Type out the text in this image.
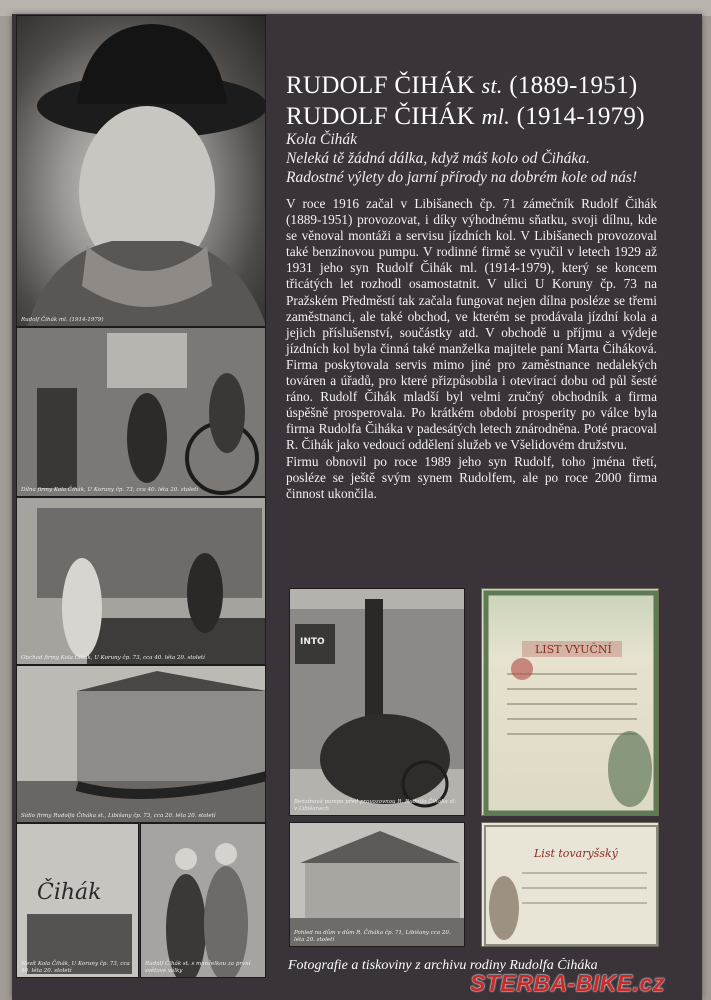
Rudolf Čihák ml. (1914-1979)
Dílna firmy Kola Čihák, U Koruny čp. 73, cca 40. léta 20. století
Obchod firmy Kola Čihák, U Koruny čp. 73, cca 40. léta 20. století
Sídlo firmy Rudolfa Čiháka st., Libišany čp. 73, cca 20. léta 20. století
Čihák
Nevít Kola Čihák, U Koruny čp. 73, cca 40. léta 20. století
Rudolf Čihák st. s manželkou za první světové války
RUDOLF ČIHÁK st. (1889-1951)
RUDOLF ČIHÁK ml. (1914-1979)
Kola Čihák
Neleká tě žádná dálka, když máš kolo od Čiháka.
Radostné výlety do jarní přírody na dobrém kole od nás!

V roce 1916 začal v Libišanech čp. 71 zámečník Rudolf Čihák (1889-1951) provozovat, i díky výhodnému sňatku, svoji dílnu, kde se věnoval montáži a servisu jízdních kol. V Libišanech provozoval také benzínovou pumpu. V rodinné firmě se vyučil v letech 1929 až 1931 jeho syn Rudolf Čihák ml. (1914-1979), který se koncem třicátých let rozhodl osamostatnit. V ulici U Koruny čp. 73 na Pražském Předměstí tak začala fungovat nejen dílna posléze se třemi zaměstnanci, ale také obchod, ve kterém se prodávala jízdní kola a jejich příslušenství, součástky atd. V obchodě u příjmu a výdeje jízdních kol byla činná také manželka majitele paní Marta Čiháková. Firma poskytovala servis mimo jiné pro zaměstnance nedalekých továren a úřadů, pro které přizpůsobila i otevírací dobu od půl šesté ráno. Rudolf Čihák mladší byl velmi zručný obchodník a firma úspěšně prosperovala. Po krátkém období prosperity po válce byla firma Rudolfa Čiháka v padesátých letech znárodněna. Poté pracoval R. Čihák jako vedoucí oddělení služeb ve Všelidovém družstvu.

Firmu obnovil po roce 1989 jeho syn Rudolf, toho jména třetí, posléze se ještě svým synem Rudolfem, ale po roce 2000 firma činnost ukončila.

INTO
Benzínová pumpa před provozovnou R. Rudolfa Čiháka st. v Libišanech
LIST VYUČNÍ
Pohled na dům v dům R. Čiháka čp. 71, Libišany cca 20. léta 20. století
List tovaryšský
Fotografie a tiskoviny z archivu rodiny Rudolfa Čiháka
STERBA-BIKE.cz
